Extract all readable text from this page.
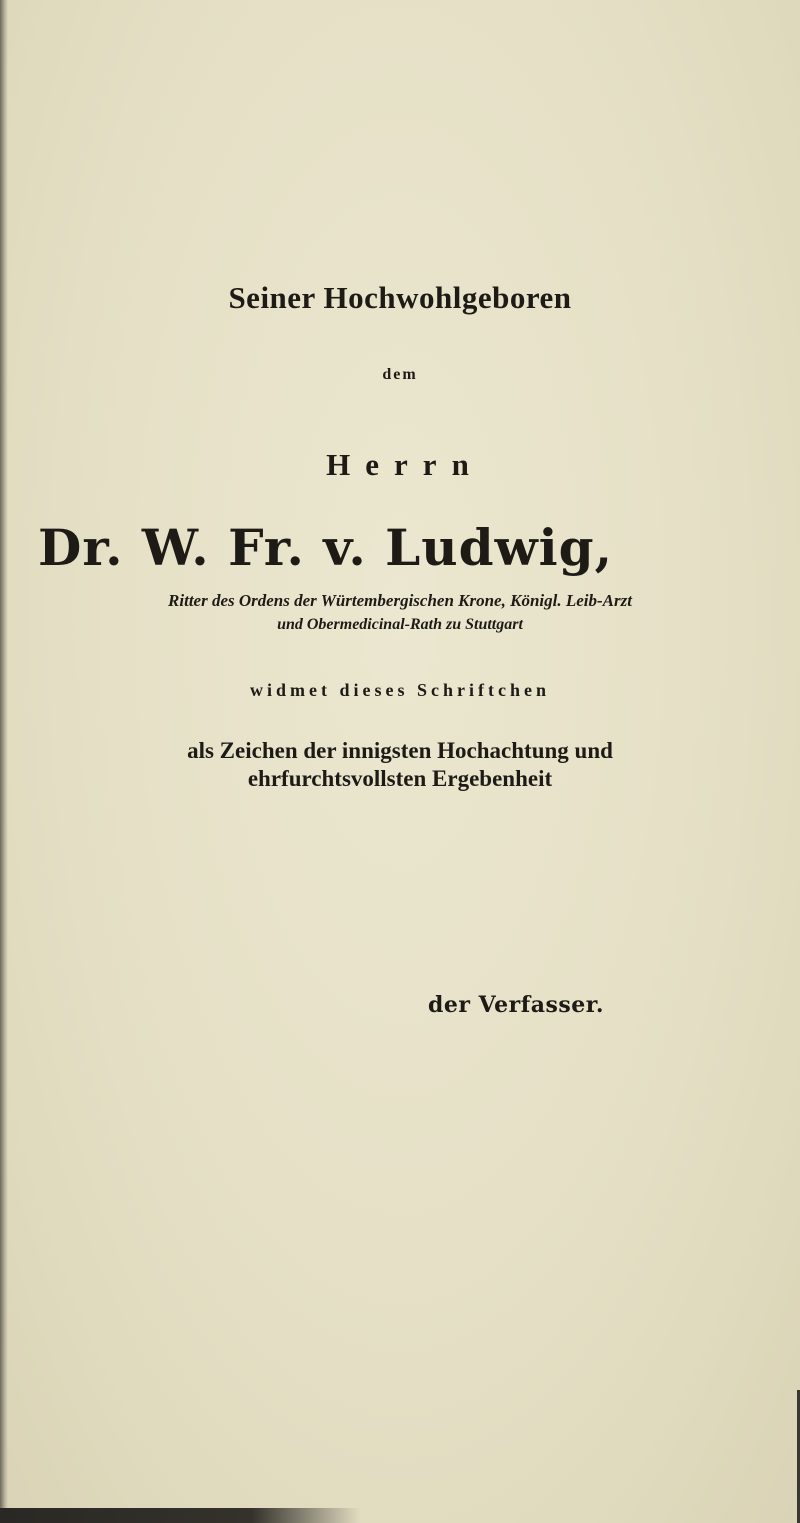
Seiner Hochwohlgeboren
dem
Herrn
Dr. W. Fr. v. Ludwig,
Ritter des Ordens der Würtembergischen Krone, Königl. Leib-Arzt
und Obermedicinal-Rath zu Stuttgart
widmet dieses Schriftchen
als Zeichen der innigsten Hochachtung und
ehrfurchtsvollsten Ergebenheit
der Verfasser.
